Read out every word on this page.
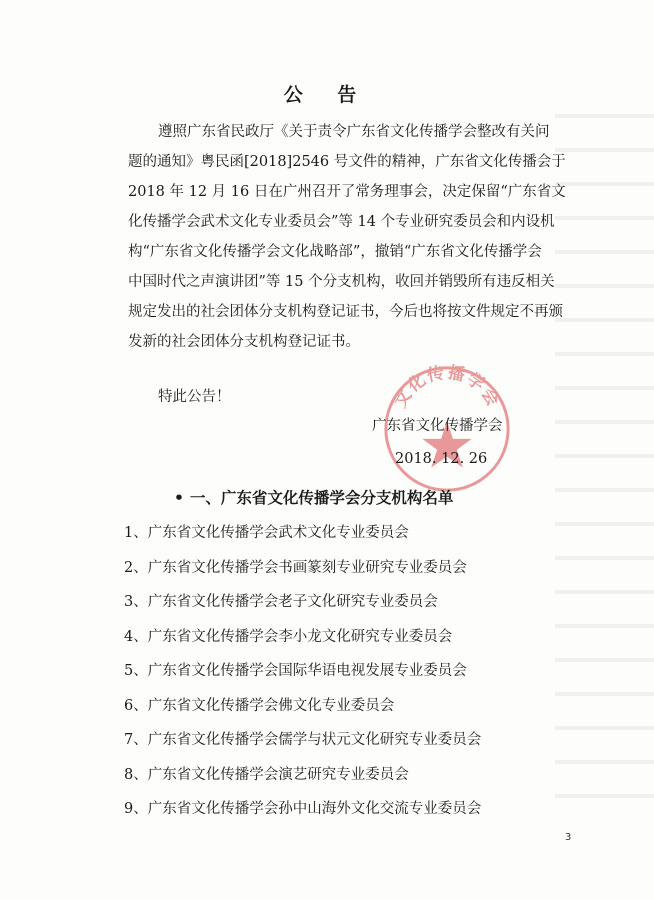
公 告
遵照广东省民政厅《关于责令广东省文化传播学会整改有关问
题的通知》粤民函[2018]2546 号文件的精神，广东省文化传播会于
2018 年 12 月 16 日在广州召开了常务理事会，决定保留“广东省文
化传播学会武术文化专业委员会”等 14 个专业研究委员会和内设机
构“广东省文化传播学会文化战略部”，撤销“广东省文化传播学会
中国时代之声演讲团”等 15 个分支机构，收回并销毁所有违反相关
规定发出的社会团体分支机构登记证书，今后也将按文件规定不再颁
发新的社会团体分支机构登记证书。
特此公告！	文化传播学会
广东省文化传播学会
2018. 12. 26
• 一、广东省文化传播学会分支机构名单
1、广东省文化传播学会武术文化专业委员会
2、广东省文化传播学会书画篆刻专业研究专业委员会
3、广东省文化传播学会老子文化研究专业委员会
4、广东省文化传播学会李小龙文化研究专业委员会
5、广东省文化传播学会国际华语电视发展专业委员会
6、广东省文化传播学会佛文化专业委员会
7、广东省文化传播学会儒学与状元文化研究专业委员会
8、广东省文化传播学会演艺研究专业委员会
9、广东省文化传播学会孙中山海外文化交流专业委员会
3
